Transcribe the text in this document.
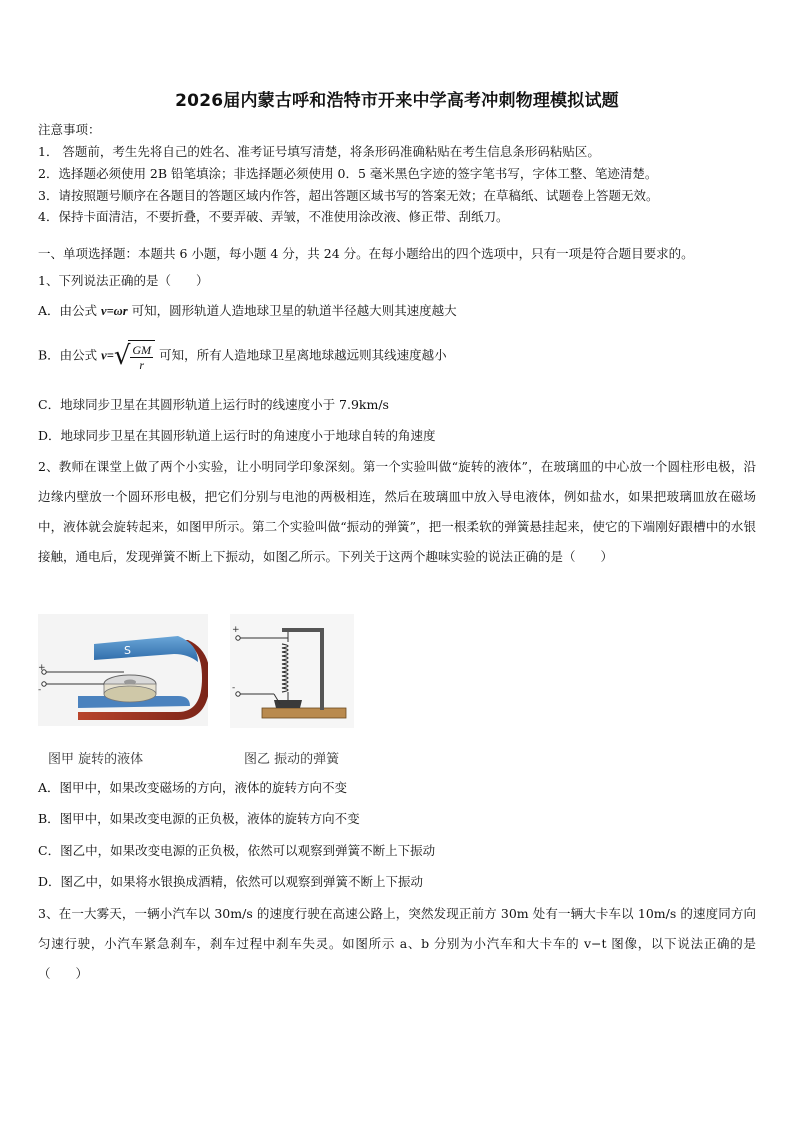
2026届内蒙古呼和浩特市开来中学高考冲刺物理模拟试题
注意事项：
1． 答题前，考生先将自己的姓名、准考证号填写清楚，将条形码准确粘贴在考生信息条形码粘贴区。
2．选择题必须使用 2B 铅笔填涂；非选择题必须使用 0．5 毫米黑色字迹的签字笔书写，字体工整、笔迹清楚。
3．请按照题号顺序在各题目的答题区域内作答，超出答题区域书写的答案无效；在草稿纸、试题卷上答题无效。
4．保持卡面清洁，不要折叠，不要弄破、弄皱，不准使用涂改液、修正带、刮纸刀。
一、单项选择题：本题共 6 小题，每小题 4 分，共 24 分。在每小题给出的四个选项中，只有一项是符合题目要求的。
1、下列说法正确的是（　　）
A．由公式 v=ωr 可知，圆形轨道人造地球卫星的轨道半径越大则其速度越大
B．由公式 v= √ $\frac{GM}{r}$ 可知，所有人造地球卫星离地球越远则其线速度越小
C．地球同步卫星在其圆形轨道上运行时的线速度小于 7.9km/s
D．地球同步卫星在其圆形轨道上运行时的角速度小于地球自转的角速度
2、教师在课堂上做了两个小实验，让小明同学印象深刻。第一个实验叫做“旋转的液体”，在玻璃皿的中心放一个圆柱形电极，沿边缘内壁放一个圆环形电极，把它们分别与电池的两极相连，然后在玻璃皿中放入导电液体，例如盐水，如果把玻璃皿放在磁场中，液体就会旋转起来，如图甲所示。第二个实验叫做“振动的弹簧”，把一根柔软的弹簧悬挂起来，使它的下端刚好跟槽中的水银接触，通电后，发现弹簧不断上下振动，如图乙所示。下列关于这两个趣味实验的说法正确的是（　　）
S
+
-
+
-
图甲 旋转的液体	图乙 振动的弹簧
A．图甲中，如果改变磁场的方向，液体的旋转方向不变
B．图甲中，如果改变电源的正负极，液体的旋转方向不变
C．图乙中，如果改变电源的正负极，依然可以观察到弹簧不断上下振动
D．图乙中，如果将水银换成酒精，依然可以观察到弹簧不断上下振动
3、在一大雾天，一辆小汽车以 30m/s 的速度行驶在高速公路上，突然发现正前方 30m 处有一辆大卡车以 10m/s 的速度同方向匀速行驶，小汽车紧急刹车，刹车过程中刹车失灵。如图所示 a、b 分别为小汽车和大卡车的 v−t 图像，以下说法正确的是（　　）
